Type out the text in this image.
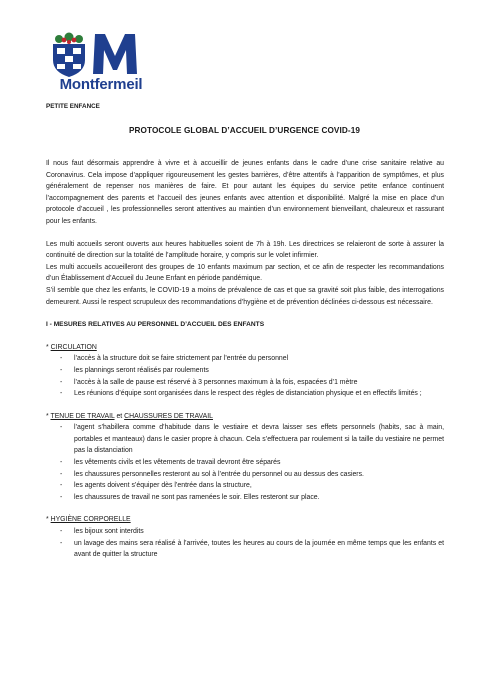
Montfermeil
PETITE ENFANCE
PROTOCOLE GLOBAL D’ACCUEIL D’URGENCE COVID-19

Il nous faut désormais apprendre à vivre et à accueillir de jeunes enfants dans le cadre d’une crise sanitaire relative au Coronavirus. Cela impose d’appliquer rigoureusement les gestes barrières, d’être attentifs à l’apparition de symptômes, et plus généralement de repenser nos manières de faire. Et pour autant les équipes du service petite enfance continuent l’accompagnement des parents et l’accueil des jeunes enfants avec attention et disponibilité. Malgré la mise en place d’un protocole d’accueil , les professionnelles seront attentives au maintien d’un environnement bienveillant, chaleureux et rassurant pour les enfants.

Les multi accueils seront ouverts aux heures habituelles soient de 7h à 19h. Les directrices se relaieront de sorte à assurer la continuité de direction sur la totalité de l’amplitude horaire, y compris sur le volet infirmier.

Les multi accueils accueilleront des groupes de 10 enfants maximum par section, et ce afin de respecter les recommandations d’un Établissement d’Accueil du Jeune Enfant en période pandémique.

S’il semble que chez les enfants, le COVID-19 a moins de prévalence de cas et que sa gravité soit plus faible, des interrogations demeurent. Aussi le respect scrupuleux des recommandations d’hygiène et de prévention déclinées ci-dessous est nécessaire.

I - MESURES RELATIVES AU PERSONNEL D’ACCUEIL DES ENFANTS

* CIRCULATION

- l’accès à la structure doit se faire strictement par l’entrée du personnel
- les plannings seront réalisés par roulements
- l’accès à la salle de pause est réservé à 3 personnes maximum à la fois, espacées d’1 mètre
- Les réunions d’équipe sont organisées dans le respect des règles de distanciation physique et en effectifs limités ;

* TENUE DE TRAVAIL et CHAUSSURES DE TRAVAIL

- l’agent s’habillera comme d’habitude dans le vestiaire et devra laisser ses effets personnels (habits, sac à main, portables et manteaux) dans le casier propre à chacun. Cela s’effectuera par roulement si la taille du vestiaire ne permet pas la distanciation
- les vêtements civils et les vêtements de travail devront être séparés
- les chaussures personnelles resteront au sol à l’entrée du personnel ou au dessus des casiers.
- les agents doivent s’équiper dès l’entrée dans la structure,
- les chaussures de travail ne sont pas ramenées le soir. Elles resteront sur place.

* HYGIÈNE CORPORELLE

- les bijoux sont interdits
- un lavage des mains sera réalisé à l’arrivée, toutes les heures au cours de la journée en même temps que les enfants et avant de quitter la structure
